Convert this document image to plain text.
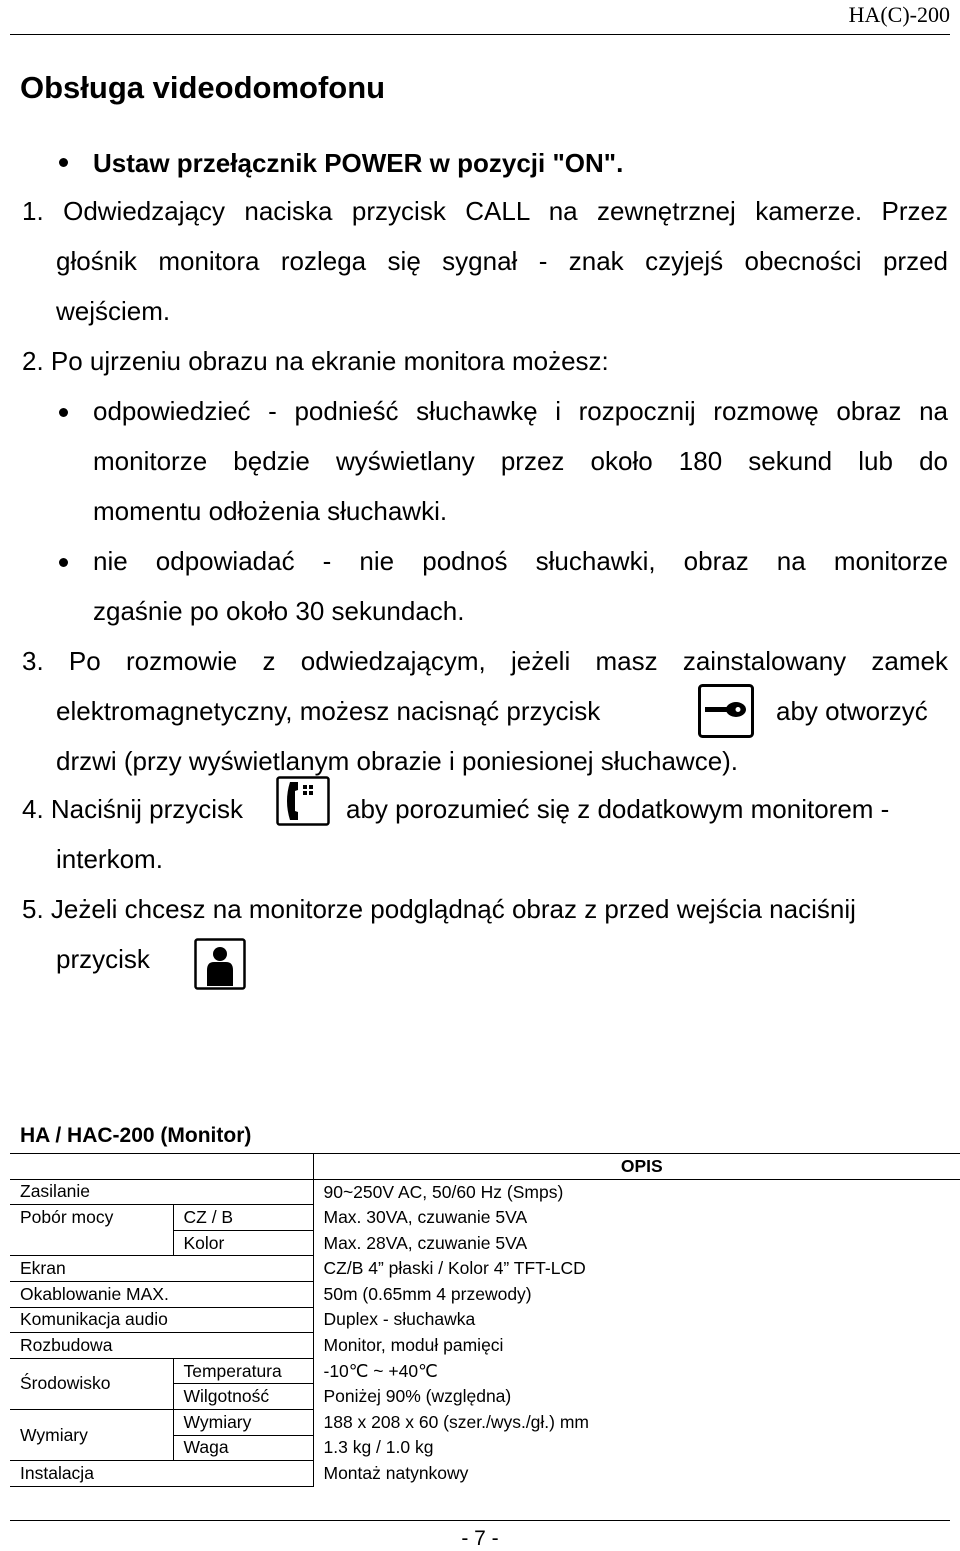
HA(C)-200
Obsługa videodomofonu
Ustaw przełącznik POWER w pozycji "ON".
1. Odwiedzający naciska przycisk CALL na zewnętrznej kamerze. Przez
głośnik monitora rozlega się sygnał - znak czyjejś obecności przed
wejściem.
2. Po ujrzeniu obrazu na ekranie monitora możesz:
odpowiedzieć - podnieść słuchawkę i rozpocznij rozmowę obraz na
monitorze będzie wyświetlany przez około 180 sekund lub do
momentu odłożenia słuchawki.
nie odpowiadać - nie podnoś słuchawki, obraz na monitorze
zgaśnie po około 30 sekundach.
3. Po rozmowie z odwiedzającym, jeżeli masz zainstalowany zamek
elektromagnetyczny, możesz nacisnąć przycisk	aby otworzyć
drzwi (przy wyświetlanym obrazie i poniesionej słuchawce).
4. Naciśnij przycisk	aby porozumieć się z dodatkowym monitorem -
interkom.
5. Jeżeli chcesz na monitorze podglądnąć obraz z przed wejścia naciśnij
przycisk
HA / HAC-200 (Monitor)
		OPIS
Zasilanie		90~250V AC, 50/60 Hz (Smps)
Pobór mocy	CZ / B	Max. 30VA, czuwanie 5VA
	Kolor	Max. 28VA, czuwanie 5VA
Ekran		CZ/B 4” płaski / Kolor 4” TFT-LCD
Okablowanie MAX.		50m (0.65mm 4 przewody)
Komunikacja audio		Duplex - słuchawka
Rozbudowa		Monitor, moduł pamięci
Środowisko	Temperatura	-10℃ ~ +40℃
	Wilgotność	Poniżej 90% (względna)
Wymiary	Wymiary	188 x 208 x 60 (szer./wys./gł.) mm
	Waga	1.3 kg / 1.0 kg
Instalacja		Montaż natynkowy
- 7 -
